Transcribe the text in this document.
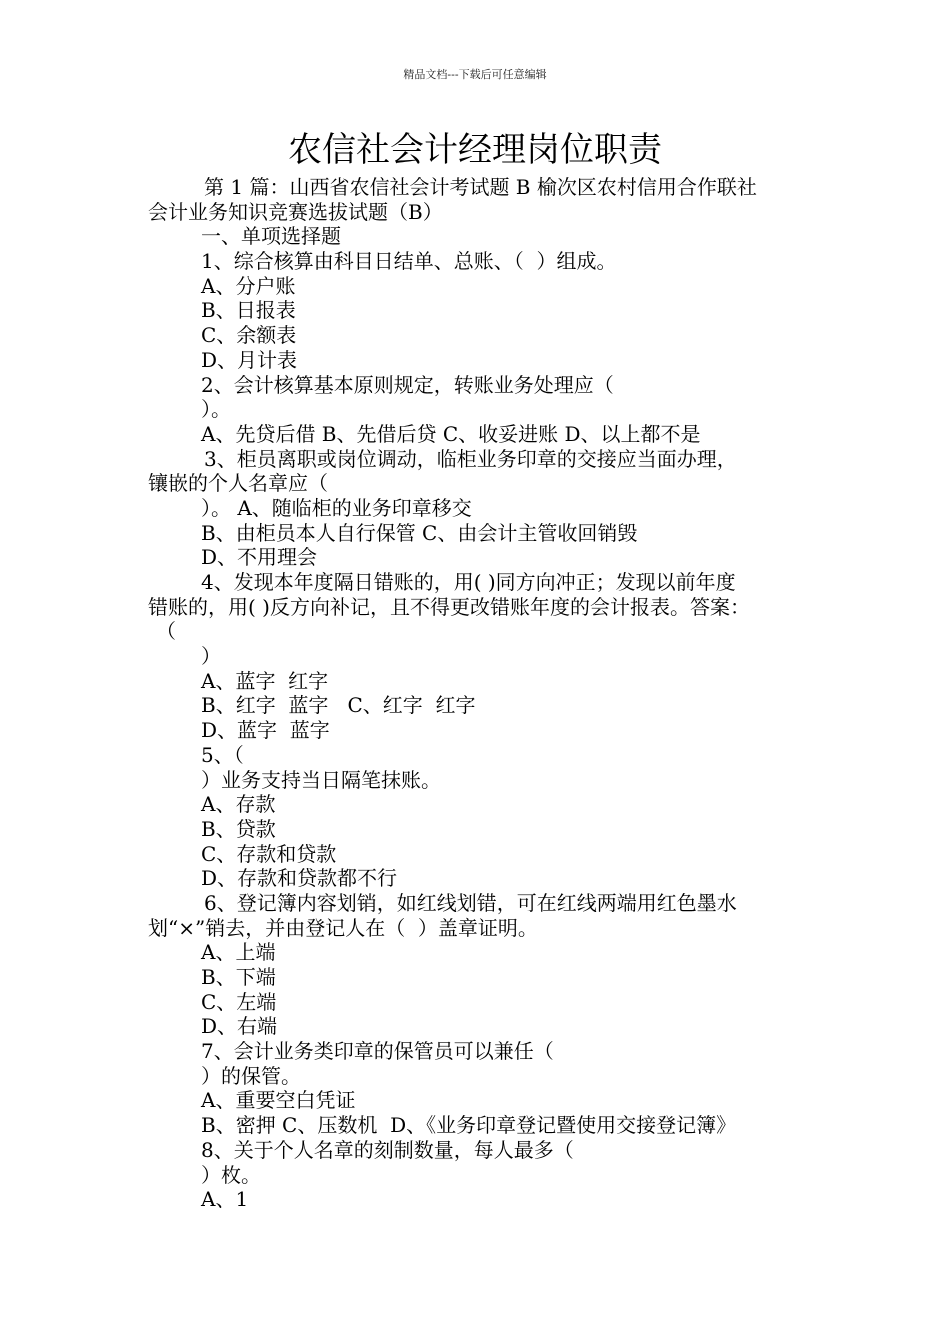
精品文档---下载后可任意编辑
农信社会计经理岗位职责
第 1 篇：山西省农信社会计考试题 B 榆次区农村信用合作联社
会计业务知识竞赛选拔试题（B）
一、单项选择题
1、综合核算由科目日结单、总账、（  ）组成。
A、分户账
B、日报表
C、余额表
D、月计表
2、会计核算基本原则规定，转账业务处理应（
）。
A、先贷后借 B、先借后贷 C、收妥进账 D、以上都不是
3、柜员离职或岗位调动，临柜业务印章的交接应当面办理，
镶嵌的个人名章应（
）。 A、随临柜的业务印章移交
B、由柜员本人自行保管 C、由会计主管收回销毁
D、不用理会
4、发现本年度隔日错账的，用( )同方向冲正；发现以前年度
错账的，用( )反方向补记，且不得更改错账年度的会计报表。答案：
（
）
A、蓝字  红字
B、红字  蓝字   C、红字  红字
D、蓝字  蓝字
5、（
）业务支持当日隔笔抹账。
A、存款
B、贷款
C、存款和贷款
D、存款和贷款都不行
6、登记簿内容划销，如红线划错，可在红线两端用红色墨水
划“×”销去，并由登记人在（  ）盖章证明。
A、上端
B、下端
C、左端
D、右端
7、会计业务类印章的保管员可以兼任（
）的保管。
A、重要空白凭证
B、密押 C、压数机  D、《业务印章登记暨使用交接登记簿》
8、关于个人名章的刻制数量，每人最多（
）枚。
A、1
